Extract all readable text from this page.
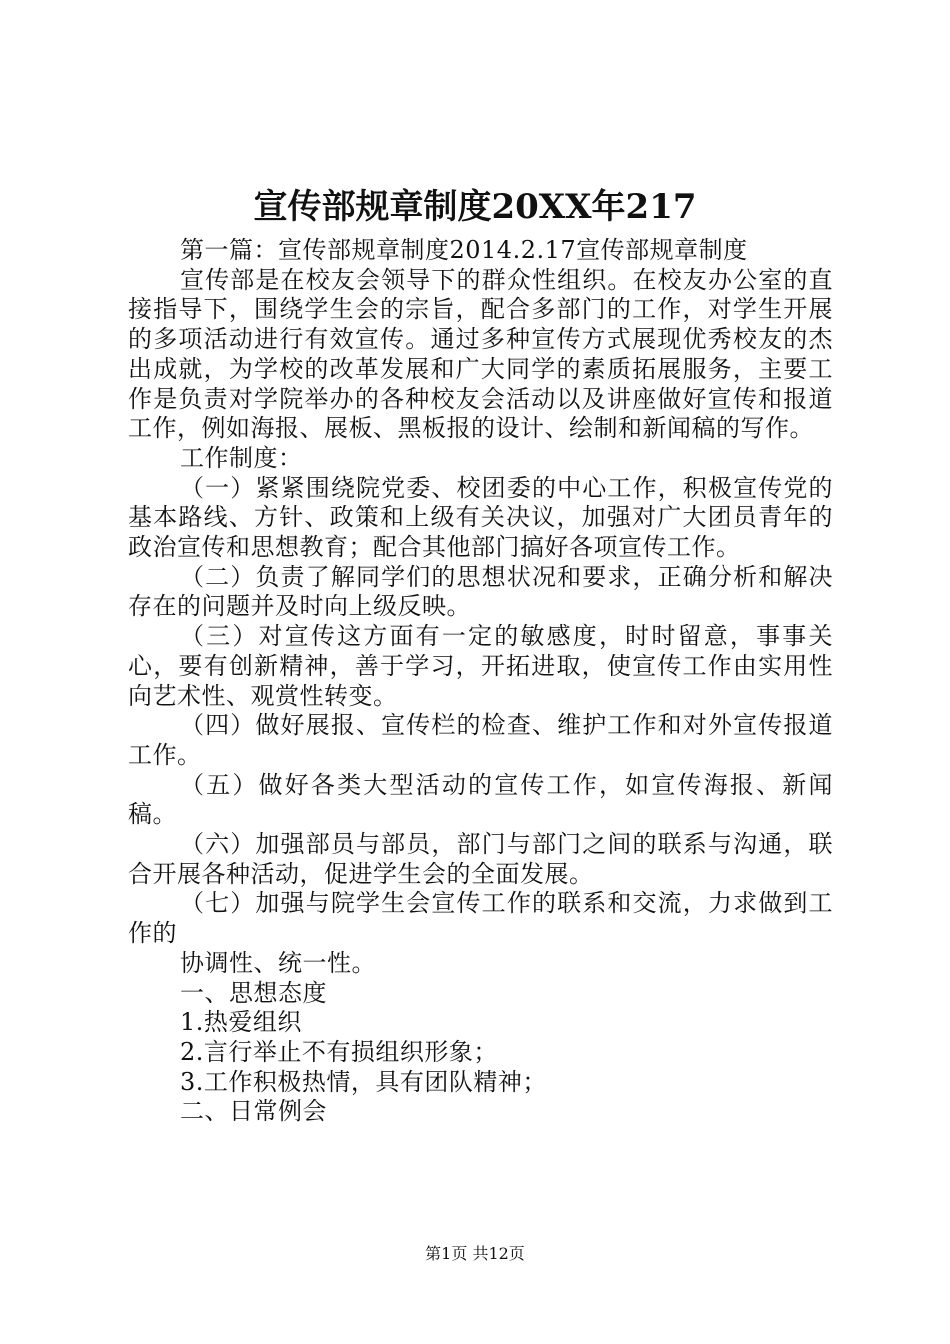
宣传部规章制度20XX年217

第一篇：宣传部规章制度2014.2.17宣传部规章制度

宣传部是在校友会领导下的群众性组织。在校友办公室的直接指导下，围绕学生会的宗旨，配合多部门的工作，对学生开展的多项活动进行有效宣传。通过多种宣传方式展现优秀校友的杰出成就，为学校的改革发展和广大同学的素质拓展服务，主要工作是负责对学院举办的各种校友会活动以及讲座做好宣传和报道工作，例如海报、展板、黑板报的设计、绘制和新闻稿的写作。

工作制度：

（一）紧紧围绕院党委、校团委的中心工作，积极宣传党的基本路线、方针、政策和上级有关决议，加强对广大团员青年的政治宣传和思想教育；配合其他部门搞好各项宣传工作。

（二）负责了解同学们的思想状况和要求，正确分析和解决存在的问题并及时向上级反映。

（三）对宣传这方面有一定的敏感度，时时留意，事事关心，要有创新精神，善于学习，开拓进取，使宣传工作由实用性向艺术性、观赏性转变。

（四）做好展报、宣传栏的检查、维护工作和对外宣传报道工作。

（五）做好各类大型活动的宣传工作，如宣传海报、新闻稿。

（六）加强部员与部员，部门与部门之间的联系与沟通，联合开展各种活动，促进学生会的全面发展。

（七）加强与院学生会宣传工作的联系和交流，力求做到工作的

协调性、统一性。

一、思想态度

1.热爱组织

2.言行举止不有损组织形象；

3.工作积极热情，具有团队精神；

二、日常例会

第1页 共12页
